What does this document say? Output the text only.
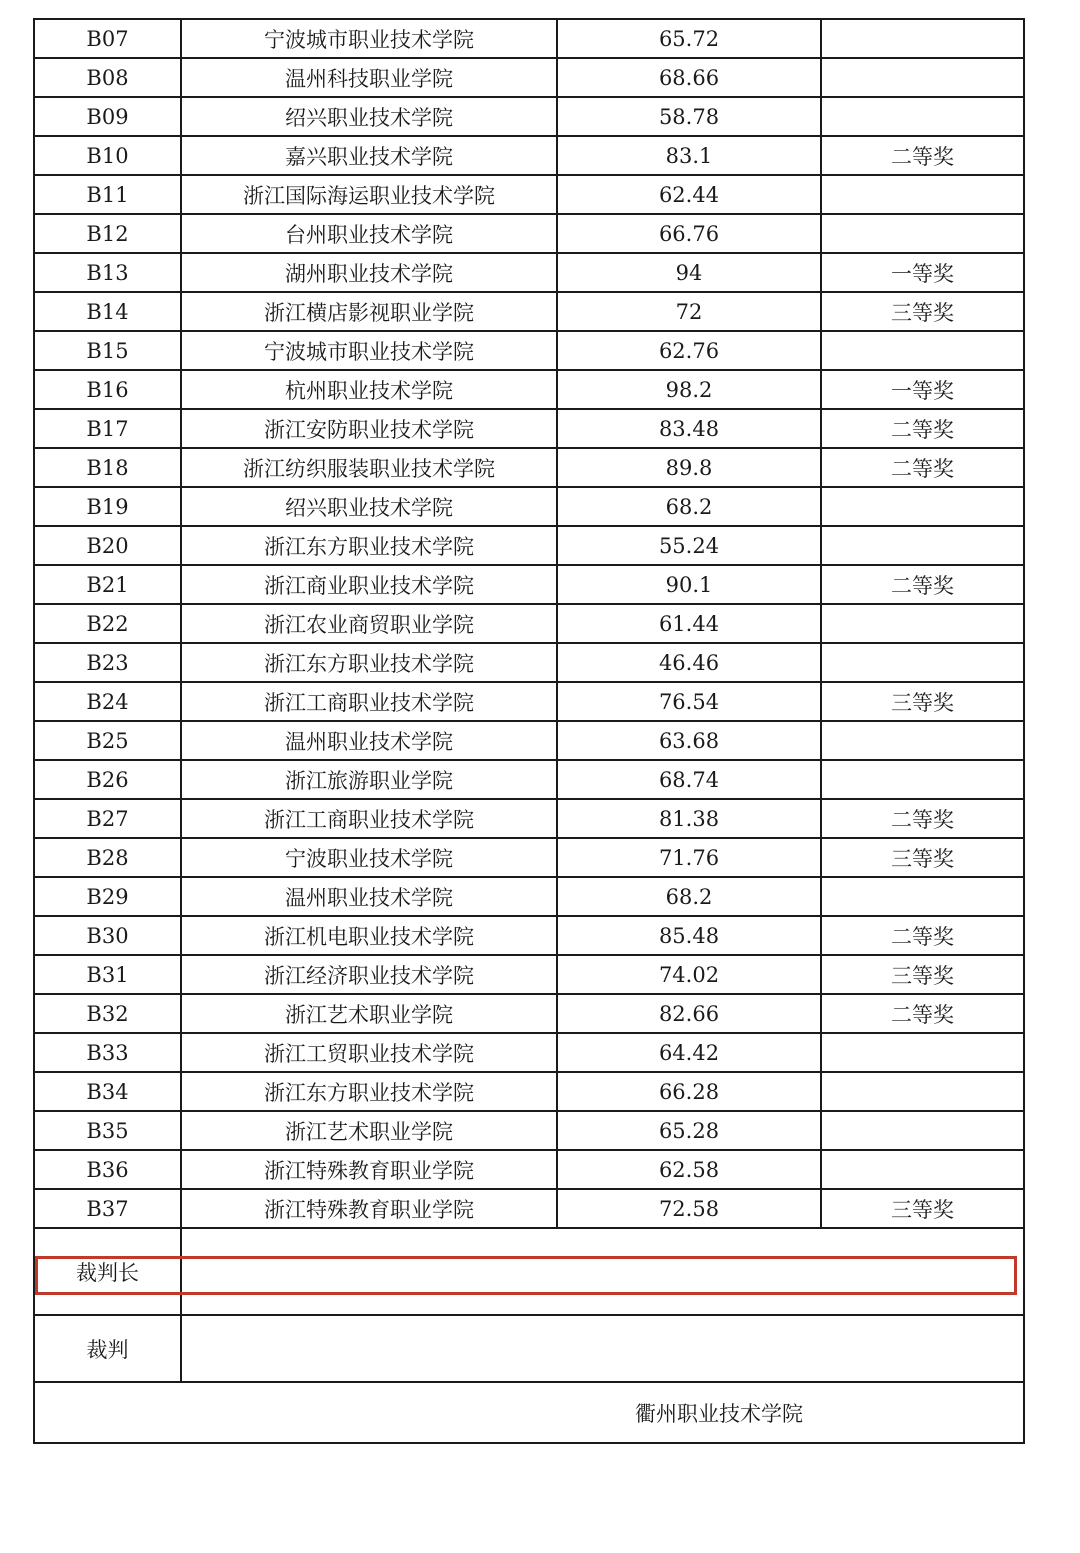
B07	宁波城市职业技术学院	65.72	
B08	温州科技职业学院	68.66	
B09	绍兴职业技术学院	58.78	
B10	嘉兴职业技术学院	83.1	二等奖
B11	浙江国际海运职业技术学院	62.44	
B12	台州职业技术学院	66.76	
B13	湖州职业技术学院	94	一等奖
B14	浙江横店影视职业学院	72	三等奖
B15	宁波城市职业技术学院	62.76	
B16	杭州职业技术学院	98.2	一等奖
B17	浙江安防职业技术学院	83.48	二等奖
B18	浙江纺织服装职业技术学院	89.8	二等奖
B19	绍兴职业技术学院	68.2	
B20	浙江东方职业技术学院	55.24	
B21	浙江商业职业技术学院	90.1	二等奖
B22	浙江农业商贸职业学院	61.44	
B23	浙江东方职业技术学院	46.46	
B24	浙江工商职业技术学院	76.54	三等奖
B25	温州职业技术学院	63.68	
B26	浙江旅游职业学院	68.74	
B27	浙江工商职业技术学院	81.38	二等奖
B28	宁波职业技术学院	71.76	三等奖
B29	温州职业技术学院	68.2	
B30	浙江机电职业技术学院	85.48	二等奖
B31	浙江经济职业技术学院	74.02	三等奖
B32	浙江艺术职业学院	82.66	二等奖
B33	浙江工贸职业技术学院	64.42	
B34	浙江东方职业技术学院	66.28	
B35	浙江艺术职业学院	65.28	
B36	浙江特殊教育职业学院	62.58	
B37	浙江特殊教育职业学院	72.58	三等奖
裁判长			
裁判			
衢州职业技术学院			
